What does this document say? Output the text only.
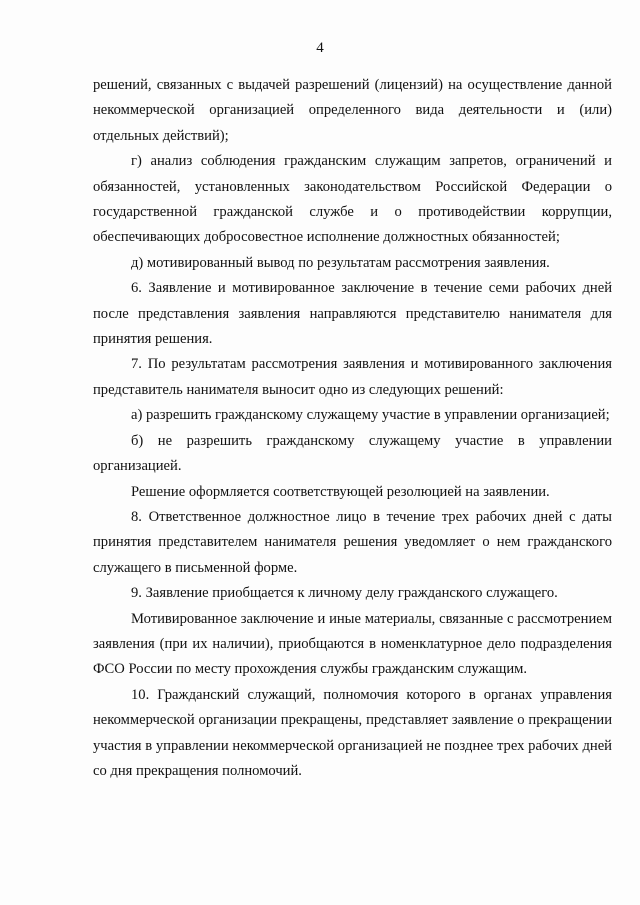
4

решений, связанных с выдачей разрешений (лицензий) на осуществление данной некоммерческой организацией определенного вида деятельности и (или) отдельных действий);

г) анализ соблюдения гражданским служащим запретов, ограничений и обязанностей, установленных законодательством Российской Федерации о государственной гражданской службе и о противодействии коррупции, обеспечивающих добросовестное исполнение должностных обязанностей;

д) мотивированный вывод по результатам рассмотрения заявления.

6. Заявление и мотивированное заключение в течение семи рабочих дней после представления заявления направляются представителю нанимателя для принятия решения.

7. По результатам рассмотрения заявления и мотивированного заключения представитель нанимателя выносит одно из следующих решений:

а) разрешить гражданскому служащему участие в управлении организацией;

б) не разрешить гражданскому служащему участие в управлении организацией.

Решение оформляется соответствующей резолюцией на заявлении.

8. Ответственное должностное лицо в течение трех рабочих дней с даты принятия представителем нанимателя решения уведомляет о нем гражданского служащего в письменной форме.

9. Заявление приобщается к личному делу гражданского служащего.

Мотивированное заключение и иные материалы, связанные с рассмотрением заявления (при их наличии), приобщаются в номенклатурное дело подразделения ФСО России по месту прохождения службы гражданским служащим.

10. Гражданский служащий, полномочия которого в органах управления некоммерческой организации прекращены, представляет заявление о прекращении участия в управлении некоммерческой организацией не позднее трех рабочих дней со дня прекращения полномочий.
